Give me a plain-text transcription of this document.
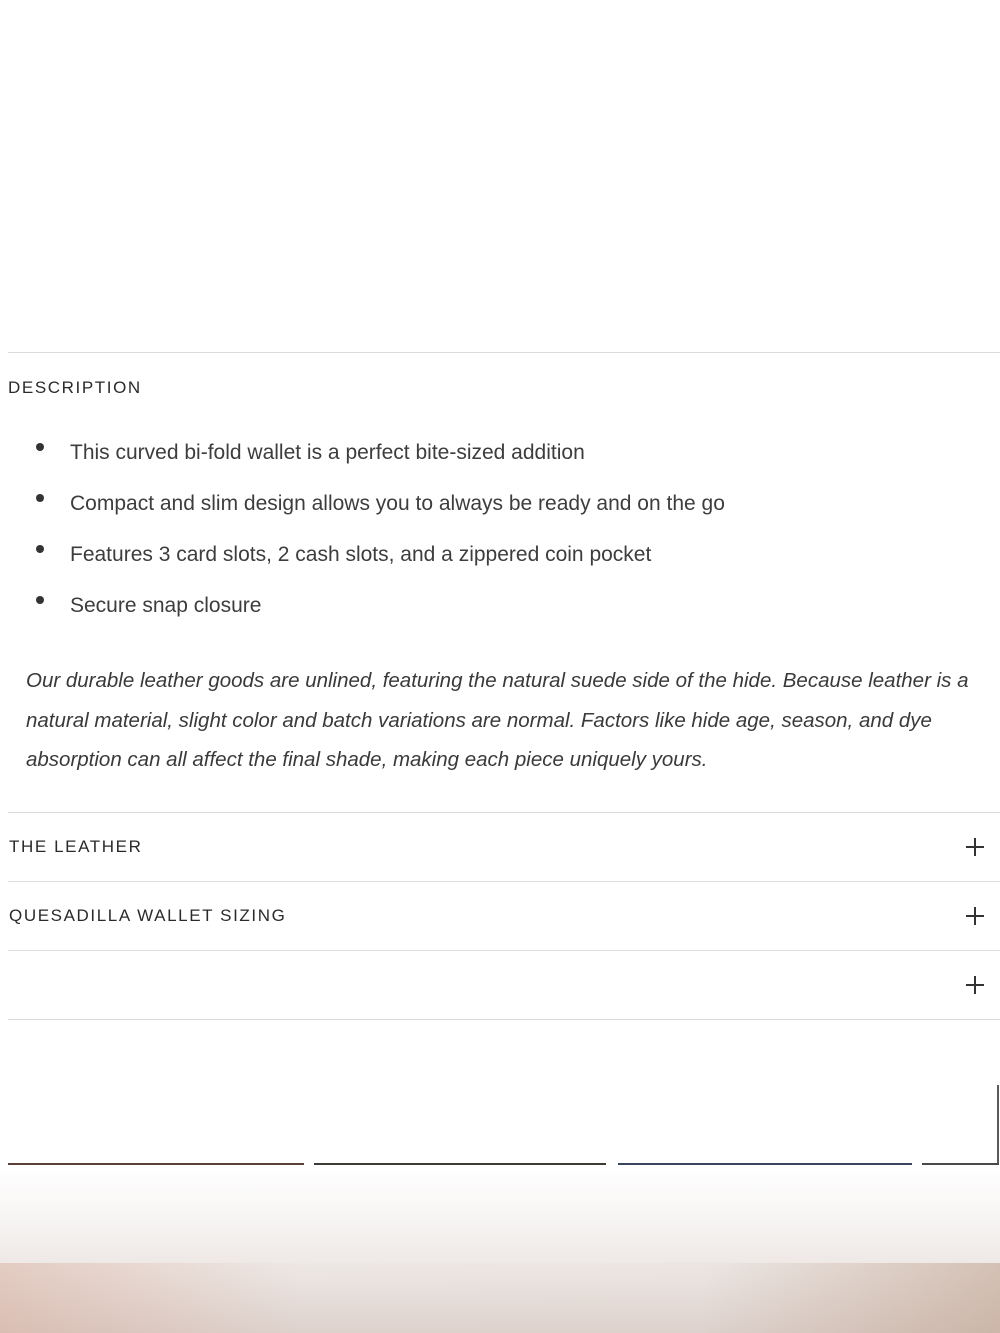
DESCRIPTION
This curved bi-fold wallet is a perfect bite-sized addition
Compact and slim design allows you to always be ready and on the go
Features 3 card slots, 2 cash slots, and a zippered coin pocket
Secure snap closure

Our durable leather goods are unlined, featuring the natural suede side of the hide. Because leather is a natural material, slight color and batch variations are normal. Factors like hide age, season, and dye absorption can all affect the final shade, making each piece uniquely yours.

THE LEATHER
QUESADILLA WALLET SIZING
